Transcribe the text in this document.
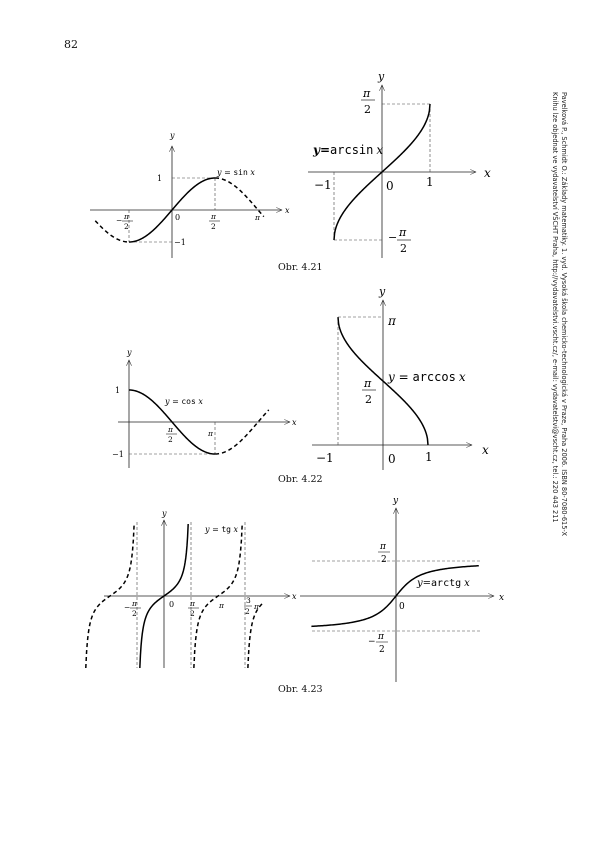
82
Pavelková P., Schmidt O.: Základy matematiky. 1. vyd. Vysoká škola chemicko-technologická v Praze, Praha 2006. ISBN 80-7080-615-X
Knihu lze objednat ve vydavatelství VŠCHT Praha, http://vydavatelstvi.vscht.cz/, e-mail: vydavatelstvi@vscht.cz, tel.: 220 443 211
y
x
y = sin x
1
−1
0	π
2
− π
2
π
y
x
y=arcsin x
π
2
0	1
−1
− π
2
y
x
y = cos x
1
−1
π
2
π
y
x
π
π
2
y = arccos x
0 1
−1
y
x
y = tg x
0
− π
2
π
2
π
3
2
π
y
x
π
2
y=arctg x
0
− π
2
Obr. 4.21
Obr. 4.22
Obr. 4.23
